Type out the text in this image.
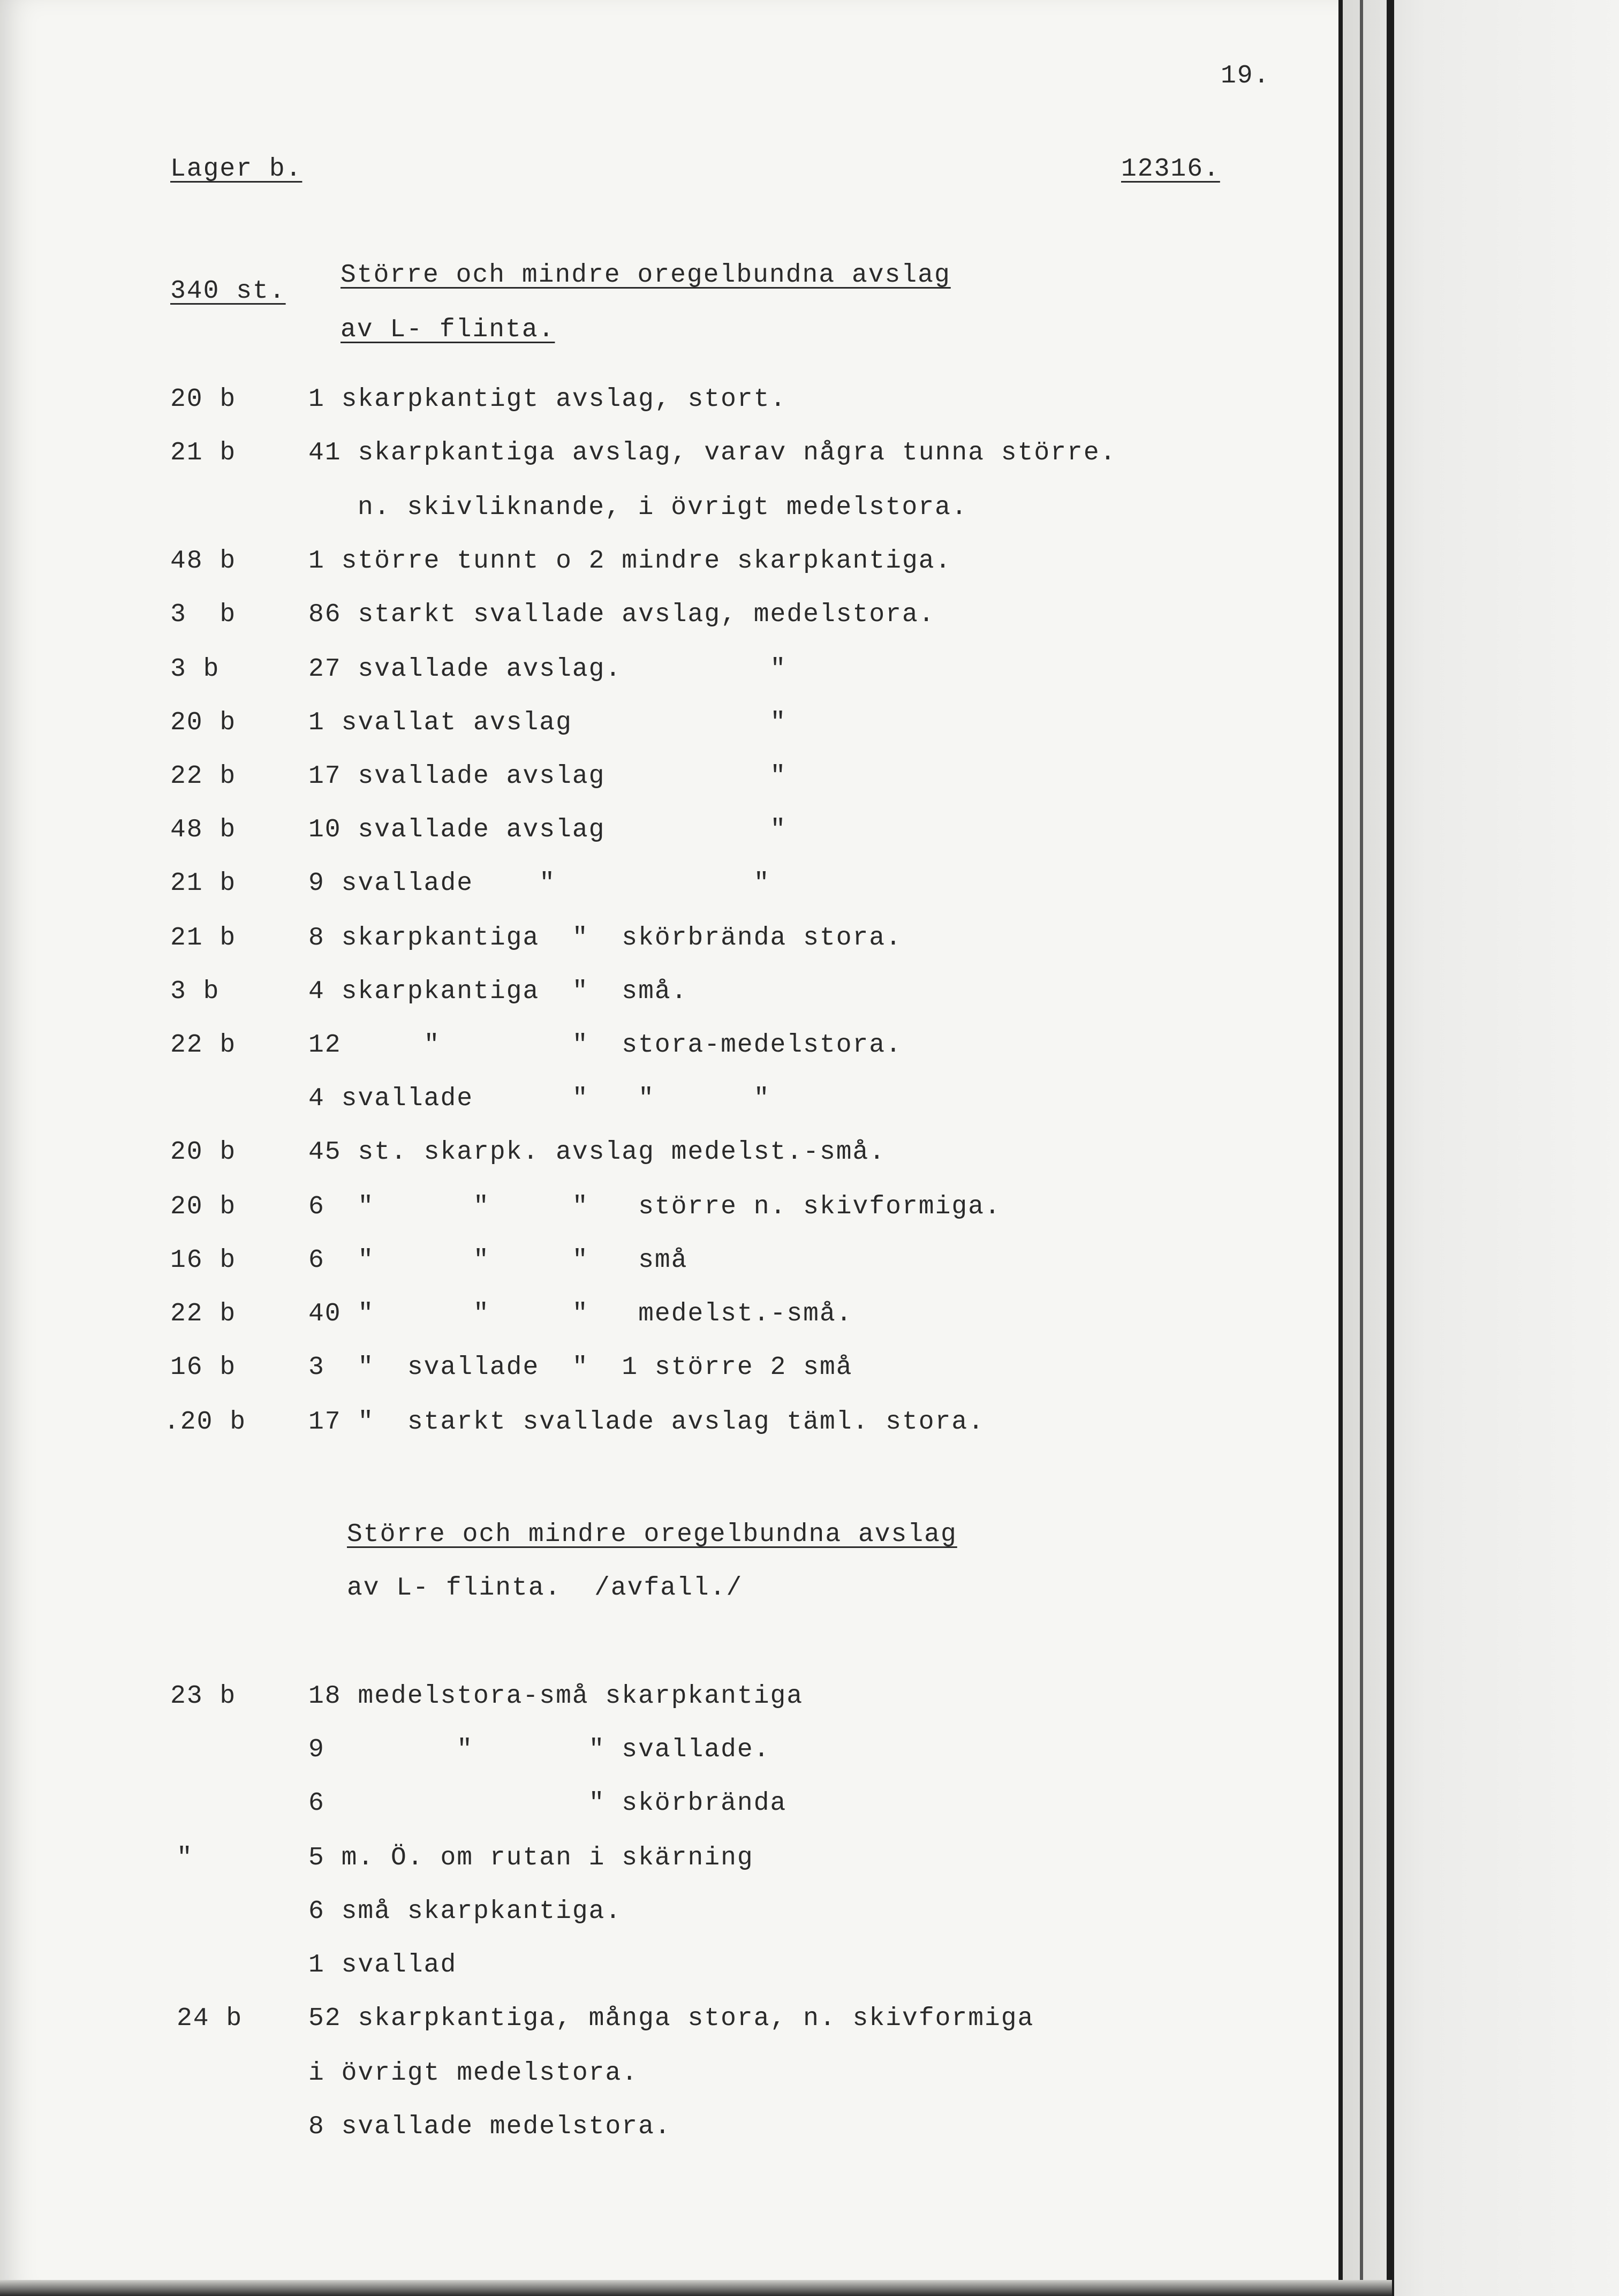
19.
Lager b.	12316.
340 st.
Större och mindre oregelbundna avslag
av L- flinta.
20 b	1 skarpkantigt avslag, stort.
21 b	41 skarpkantiga avslag, varav några tunna större.
n. skivliknande, i övrigt medelstora.
48 b	1 större tunnt o 2 mindre skarpkantiga.
3  b	86 starkt svallade avslag, medelstora.
3 b	27 svallade avslag.         "
20 b	1 svallat avslag            "
22 b	17 svallade avslag          "
48 b	10 svallade avslag          "
21 b	9 svallade    "            "
21 b	8 skarpkantiga  "  skörbrända stora.
3 b	4 skarpkantiga  "  små.
22 b	12     "        "  stora-medelstora.
4 svallade      "   "      "
20 b	45 st. skarpk. avslag medelst.-små.
20 b	6  "      "     "   större n. skivformiga.
16 b	6  "      "     "   små
22 b	40 "      "     "   medelst.-små.
16 b	3  "  svallade  "  1 större 2 små
.20 b 17 "  starkt svallade avslag täml. stora.
Större och mindre oregelbundna avslag
av L- flinta.  /avfall./
23 b	18 medelstora-små skarpkantiga
9        "       " svallade.
6                " skörbrända
"	5 m. Ö. om rutan i skärning
6 små skarpkantiga.
1 svallad
24 b	52 skarpkantiga, många stora, n. skivformiga
i övrigt medelstora.
8 svallade medelstora.
